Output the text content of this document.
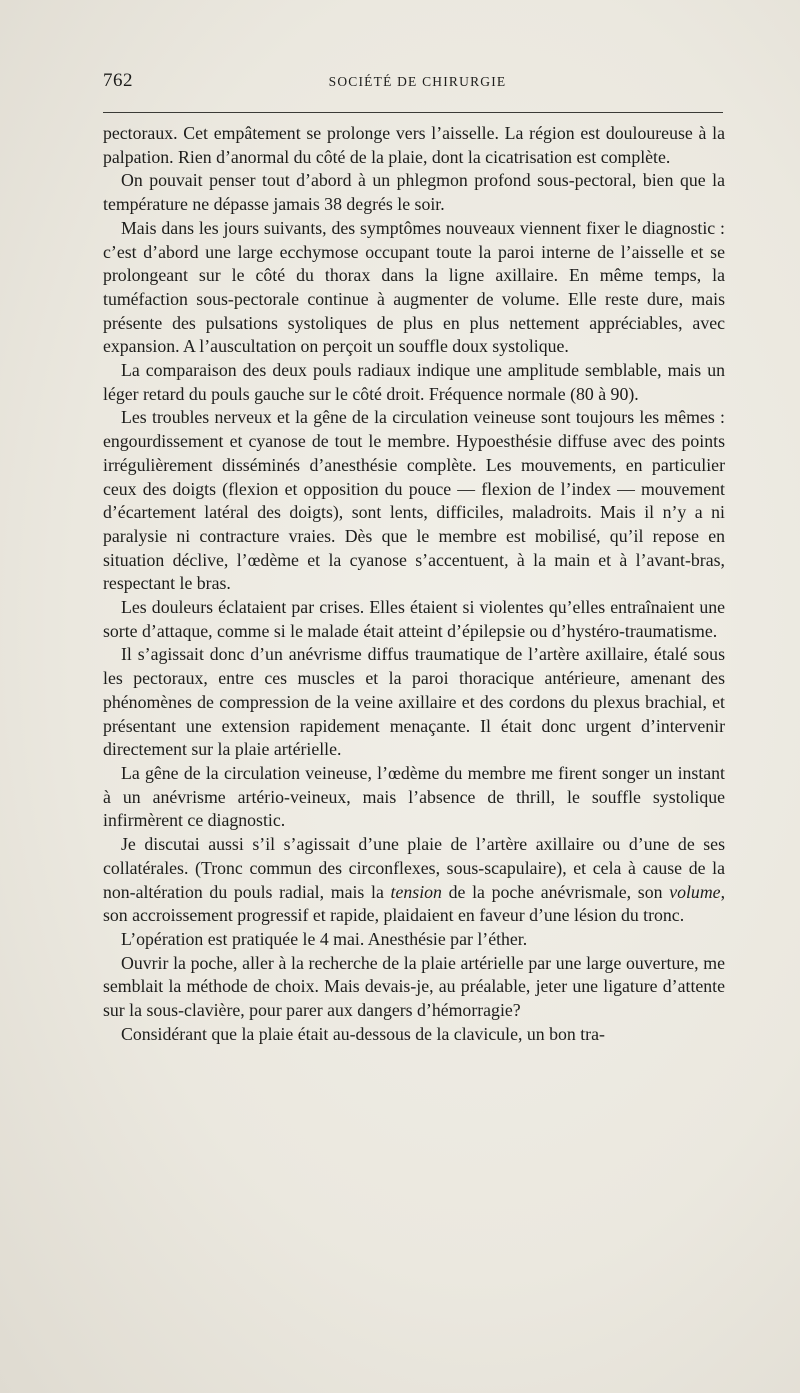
762	SOCIÉTÉ DE CHIRURGIE

pectoraux. Cet empâtement se prolonge vers l’aisselle. La région est douloureuse à la palpation. Rien d’anormal du côté de la plaie, dont la cicatrisation est complète.

On pouvait penser tout d’abord à un phlegmon profond sous-pectoral, bien que la température ne dépasse jamais 38 degrés le soir.

Mais dans les jours suivants, des symptômes nouveaux viennent fixer le diagnostic : c’est d’abord une large ecchymose occupant toute la paroi interne de l’aisselle et se prolongeant sur le côté du thorax dans la ligne axillaire. En même temps, la tuméfaction sous-pectorale continue à augmenter de volume. Elle reste dure, mais présente des pulsations systoliques de plus en plus nettement appréciables, avec expansion. A l’auscultation on perçoit un souffle doux systolique.

La comparaison des deux pouls radiaux indique une amplitude semblable, mais un léger retard du pouls gauche sur le côté droit. Fréquence normale (80 à 90).

Les troubles nerveux et la gêne de la circulation veineuse sont toujours les mêmes : engourdissement et cyanose de tout le membre. Hypoesthésie diffuse avec des points irrégulièrement disséminés d’anesthésie complète. Les mouvements, en particulier ceux des doigts (flexion et opposition du pouce — flexion de l’index — mouvement d’écartement latéral des doigts), sont lents, difficiles, maladroits. Mais il n’y a ni paralysie ni contracture vraies. Dès que le membre est mobilisé, qu’il repose en situation déclive, l’œdème et la cyanose s’accentuent, à la main et à l’avant-bras, respectant le bras.

Les douleurs éclataient par crises. Elles étaient si violentes qu’elles entraînaient une sorte d’attaque, comme si le malade était atteint d’épilepsie ou d’hystéro-traumatisme.

Il s’agissait donc d’un anévrisme diffus traumatique de l’artère axillaire, étalé sous les pectoraux, entre ces muscles et la paroi thoracique antérieure, amenant des phénomènes de compression de la veine axillaire et des cordons du plexus brachial, et présentant une extension rapidement menaçante. Il était donc urgent d’intervenir directement sur la plaie artérielle.

La gêne de la circulation veineuse, l’œdème du membre me firent songer un instant à un anévrisme artério-veineux, mais l’absence de thrill, le souffle systolique infirmèrent ce diagnostic.

Je discutai aussi s’il s’agissait d’une plaie de l’artère axillaire ou d’une de ses collatérales. (Tronc commun des circonflexes, sous-scapulaire), et cela à cause de la non-altération du pouls radial, mais la tension de la poche anévrismale, son volume, son accroissement progressif et rapide, plaidaient en faveur d’une lésion du tronc.

L’opération est pratiquée le 4 mai. Anesthésie par l’éther.

Ouvrir la poche, aller à la recherche de la plaie artérielle par une large ouverture, me semblait la méthode de choix. Mais devais-je, au préalable, jeter une ligature d’attente sur la sous-clavière, pour parer aux dangers d’hémorragie?

Considérant que la plaie était au-dessous de la clavicule, un bon tra-
